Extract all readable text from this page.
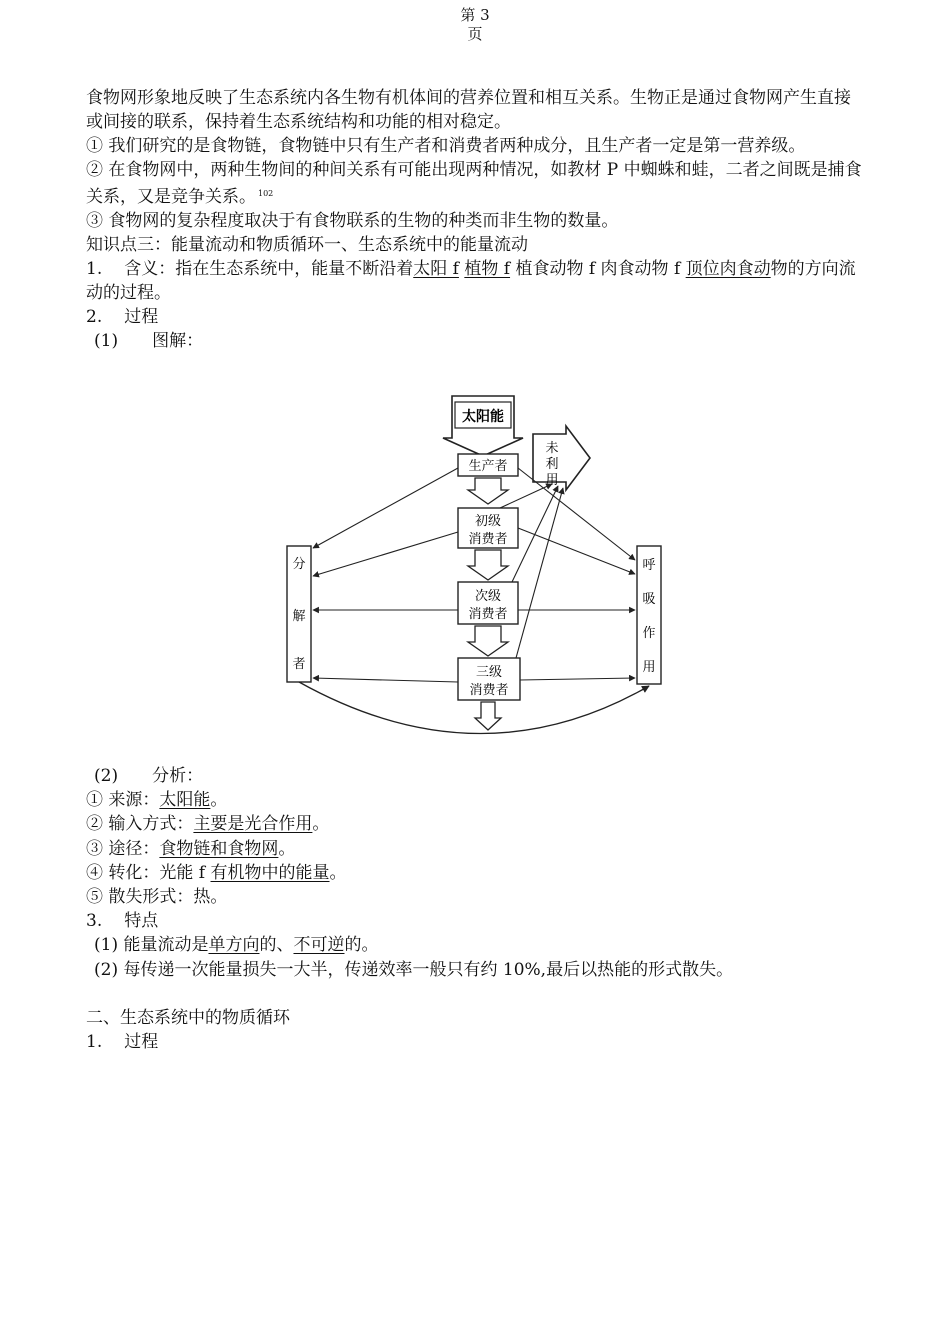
第 3
页

食物网形象地反映了生态系统内各生物有机体间的营养位置和相互关系。生物正是通过食物网产生直接或间接的联系，保持着生态系统结构和功能的相对稳定。

① 我们研究的是食物链，食物链中只有生产者和消费者两种成分，且生产者一定是第一营养级。

② 在食物网中，两种生物间的种间关系有可能出现两种情况，如教材 P 中蜘蛛和蛙，二者之间既是捕食关系，又是竞争关系。 $^{102}$

③ 食物网的复杂程度取决于有食物联系的生物的种类而非生物的数量。

知识点三：能量流动和物质循环一、生态系统中的能量流动

1. 含义：指在生态系统中，能量不断沿着太阳 f 植物 f 植食动物 f 肉食动物 f 顶位肉食动物的方向流动的过程。

2. 过程

(1) 图解：

太阳能
未
利
用
生产者
初级
消费者
次级
消费者
三级
消费者
分
解
者
呼
吸
作
用

(2) 分析：

① 来源：太阳能。

② 输入方式：主要是光合作用。

③ 途径：食物链和食物网。

④ 转化：光能 f 有机物中的能量。

⑤ 散失形式：热。

3. 特点

(1) 能量流动是单方向的、不可逆的。

(2) 每传递一次能量损失一大半，传递效率一般只有约 10%,最后以热能的形式散失。

二、生态系统中的物质循环

1. 过程
